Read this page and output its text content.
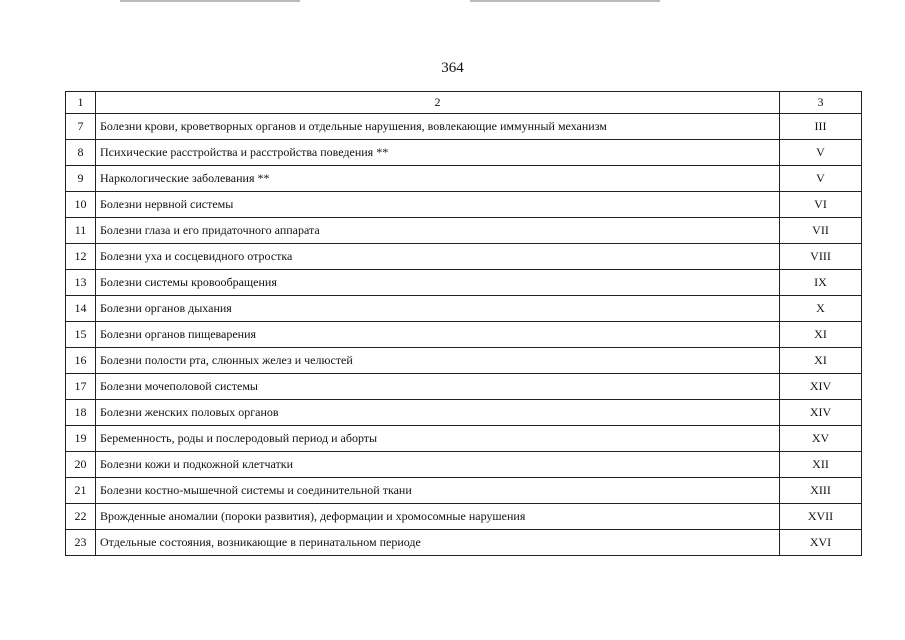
364
1	2	3
7	Болезни крови, кроветворных органов и отдельные нарушения, вовлекающие иммунный механизм	III
8	Психические расстройства и расстройства поведения **	V
9	Наркологические заболевания **	V
10	Болезни нервной системы	VI
11	Болезни глаза и его придаточного аппарата	VII
12	Болезни уха и сосцевидного отростка	VIII
13	Болезни системы кровообращения	IX
14	Болезни органов дыхания	X
15	Болезни органов пищеварения	XI
16	Болезни полости рта, слюнных желез и челюстей	XI
17	Болезни мочеполовой системы	XIV
18	Болезни женских половых органов	XIV
19	Беременность, роды и послеродовый период и аборты	XV
20	Болезни кожи и подкожной клетчатки	XII
21	Болезни костно-мышечной системы и соединительной ткани	XIII
22	Врожденные аномалии (пороки развития), деформации и хромосомные нарушения	XVII
23	Отдельные состояния, возникающие в перинатальном периоде	XVI
